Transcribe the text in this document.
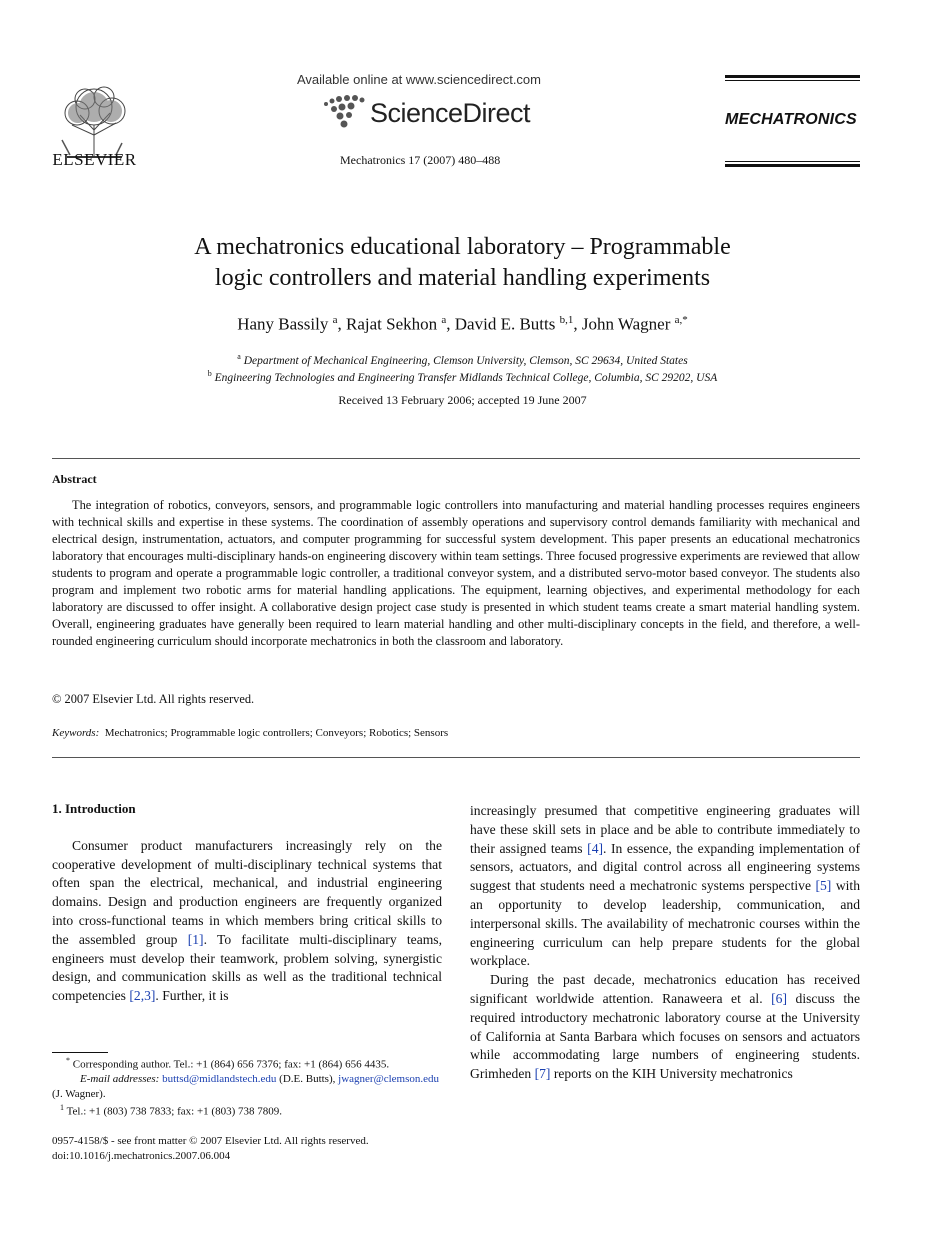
ELSEVIER
Available online at www.sciencedirect.com
ScienceDirect
Mechatronics 17 (2007) 480–488
MECHATRONICS
A mechatronics educational laboratory – Programmable
logic controllers and material handling experiments
Hany Bassily $^a$, Rajat Sekhon $^a$, David E. Butts $^{b,1}$, John Wagner $^{a,*}$
$^a$ Department of Mechanical Engineering, Clemson University, Clemson, SC 29634, United States
$^b$ Engineering Technologies and Engineering Transfer Midlands Technical College, Columbia, SC 29202, USA
Received 13 February 2006; accepted 19 June 2007
Abstract
The integration of robotics, conveyors, sensors, and programmable logic controllers into manufacturing and material handling processes requires engineers with technical skills and expertise in these systems. The coordination of assembly operations and supervisory control demands familiarity with mechanical and electrical design, instrumentation, actuators, and computer programming for successful system development. This paper presents an educational mechatronics laboratory that encourages multi-disciplinary hands-on engineering discovery within team settings. Three focused progressive experiments are reviewed that allow students to program and operate a programmable logic controller, a traditional conveyor system, and a distributed servo-motor based conveyor. The students also program and implement two robotic arms for material handling applications. The equipment, learning objectives, and experimental methodology for each laboratory are discussed to offer insight. A collaborative design project case study is presented in which student teams create a smart material handling system. Overall, engineering graduates have generally been required to learn material handling and other multi-disciplinary concepts in the field, and therefore, a well-rounded engineering curriculum should incorporate mechatronics in both the classroom and laboratory.
© 2007 Elsevier Ltd. All rights reserved.
Keywords: Mechatronics; Programmable logic controllers; Conveyors; Robotics; Sensors
1. Introduction

Consumer product manufacturers increasingly rely on the cooperative development of multi-disciplinary technical systems that often span the electrical, mechanical, and industrial engineering domains. Design and production engineers are frequently organized into cross-functional teams in which members bring critical skills to the assembled group [1]. To facilitate multi-disciplinary teams, engineers must develop their teamwork, problem solving, synergistic design, and communication skills as well as the traditional technical competencies [2,3]. Further, it is

increasingly presumed that competitive engineering graduates will have these skill sets in place and be able to contribute immediately to their assigned teams [4]. In essence, the expanding implementation of sensors, actuators, and digital control across all engineering systems suggest that students need a mechatronic systems perspective [5] with an opportunity to develop leadership, communication, and interpersonal skills. The availability of mechatronic courses within the engineering curriculum can help prepare students for the global workplace.

During the past decade, mechatronics education has received significant worldwide attention. Ranaweera et al. [6] discuss the required introductory mechatronic laboratory course at the University of California at Santa Barbara which focuses on sensors and actuators while accommodating large numbers of engineering students. Grimheden [7] reports on the KIH University mechatronics

* Corresponding author. Tel.: +1 (864) 656 7376; fax: +1 (864) 656 4435.

E-mail addresses: buttsd@midlandstech.edu (D.E. Butts), jwagner@clemson.edu (J. Wagner).

$^1$ Tel.: +1 (803) 738 7833; fax: +1 (803) 738 7809.

0957-4158/$ - see front matter © 2007 Elsevier Ltd. All rights reserved.
doi:10.1016/j.mechatronics.2007.06.004
